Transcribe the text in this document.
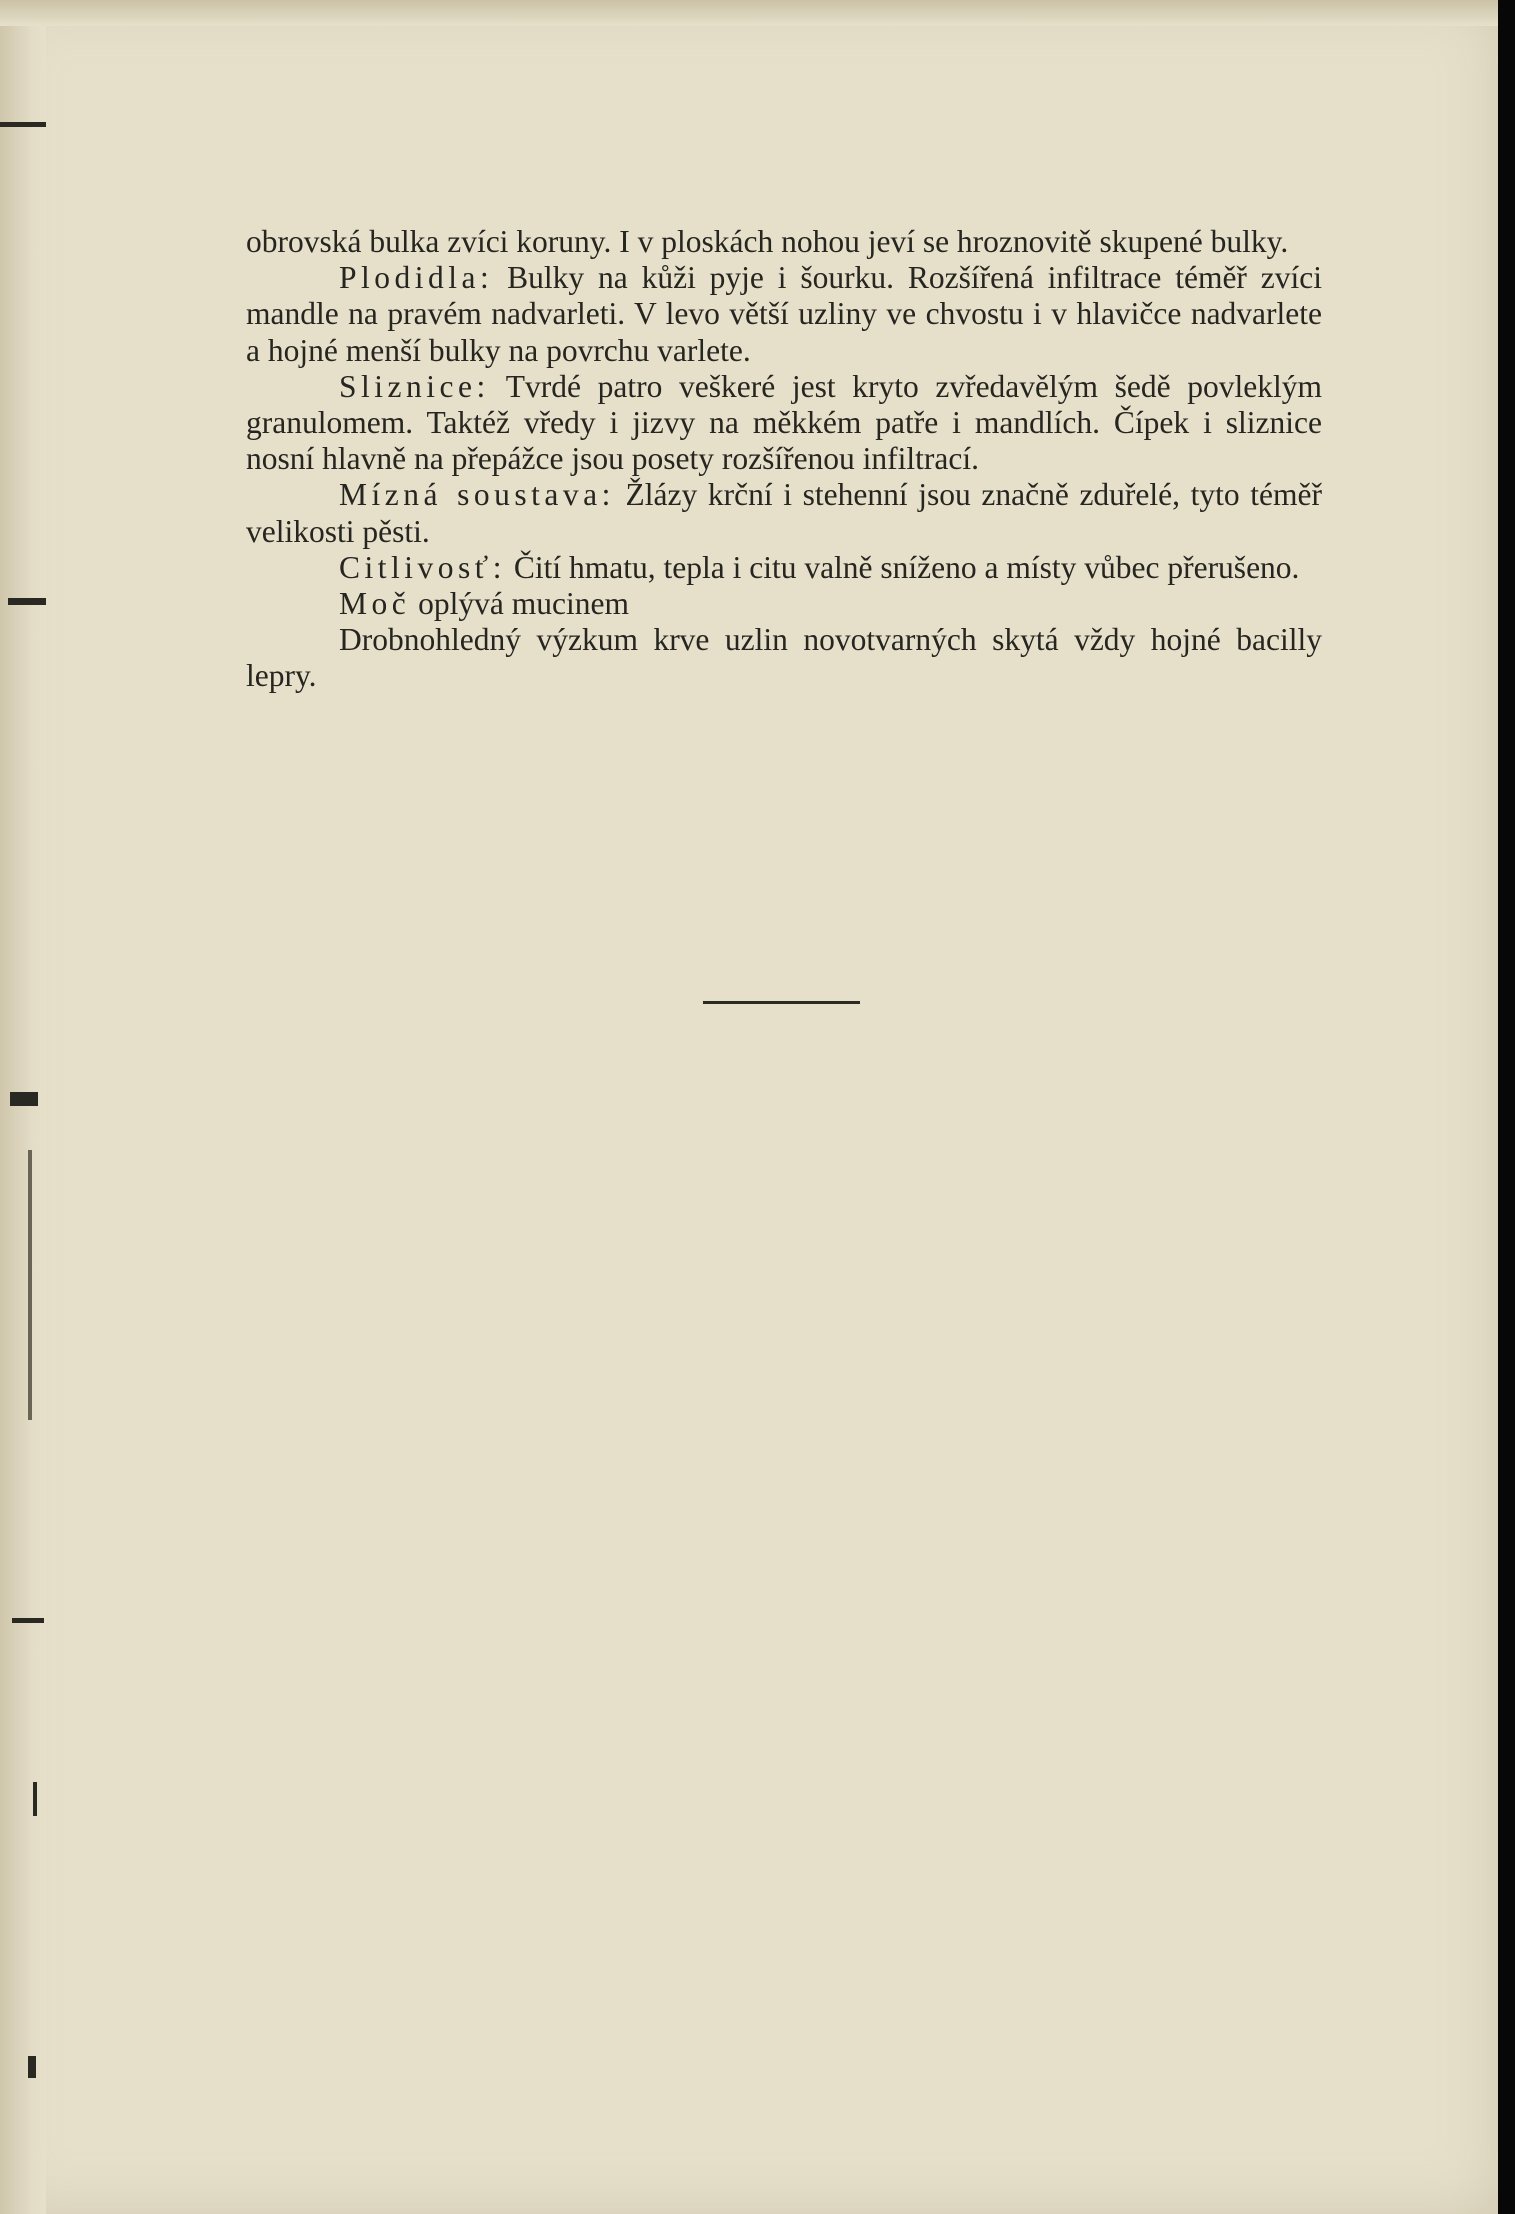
obrovská bulka zvíci koruny. I v ploskách nohou jeví se hroznovitě skupené bulky.

Plodidla: Bulky na kůži pyje i šourku. Rozšířená infiltrace téměř zvíci mandle na pravém nadvarleti. V levo větší uzliny ve chvostu i v hlavičce nadvarlete a hojné menší bulky na povrchu varlete.

Sliznice: Tvrdé patro veškeré jest kryto zvředavělým šedě povleklým granulomem. Taktéž vředy i jizvy na měkkém patře i mandlích. Čípek i sliznice nosní hlavně na přepážce jsou posety rozšířenou infiltrací.

Mízná soustava: Žlázy krční i stehenní jsou značně zduřelé, tyto téměř velikosti pěsti.

Citlivosť: Čití hmatu, tepla i citu valně sníženo a místy vůbec přerušeno.

Moč oplývá mucinem

Drobnohledný výzkum krve uzlin novotvarných skytá vždy hojné bacilly lepry.
